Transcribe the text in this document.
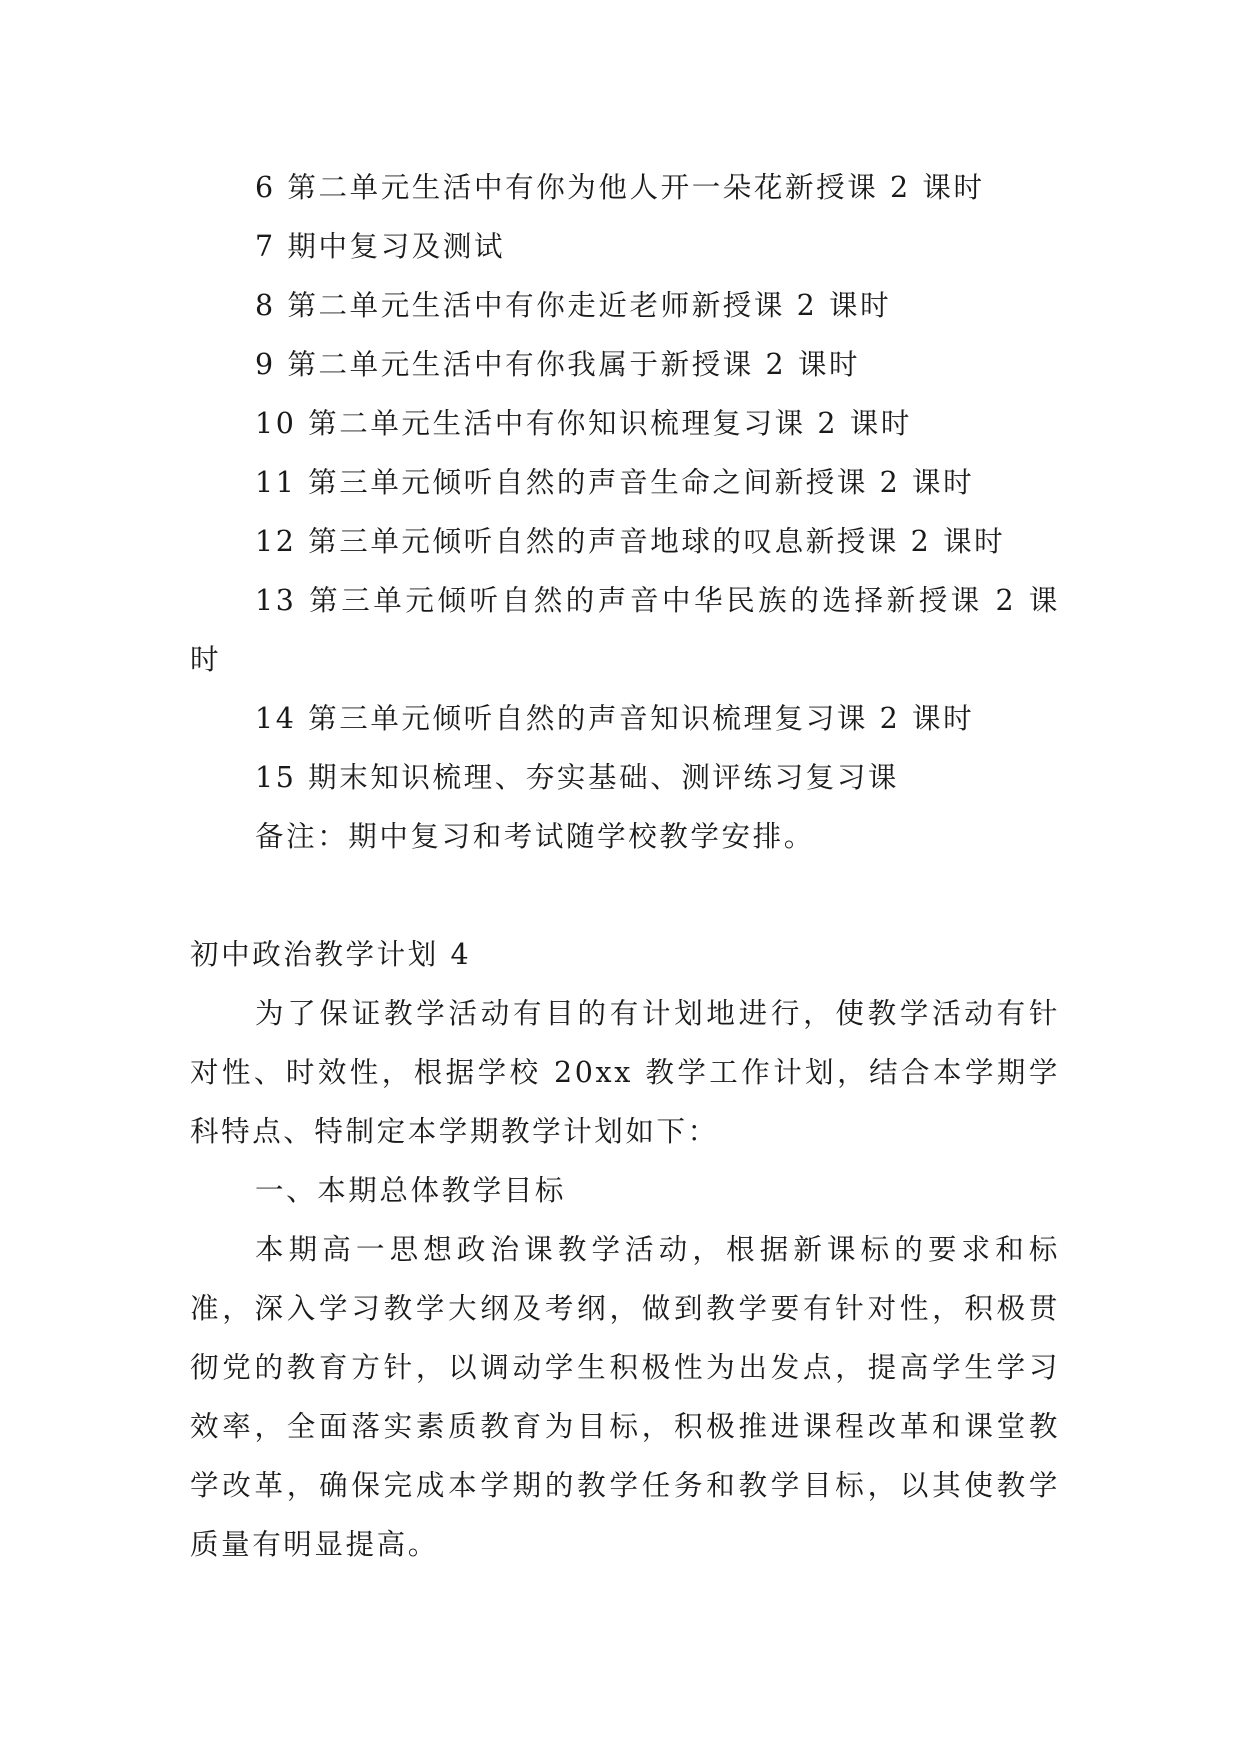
6 第二单元生活中有你为他人开一朵花新授课 2 课时

7 期中复习及测试

8 第二单元生活中有你走近老师新授课 2 课时

9 第二单元生活中有你我属于新授课 2 课时

10 第二单元生活中有你知识梳理复习课 2 课时

11 第三单元倾听自然的声音生命之间新授课 2 课时

12 第三单元倾听自然的声音地球的叹息新授课 2 课时

13 第三单元倾听自然的声音中华民族的选择新授课 2 课时

14 第三单元倾听自然的声音知识梳理复习课 2 课时

15 期末知识梳理、夯实基础、测评练习复习课

备注：期中复习和考试随学校教学安排。

初中政治教学计划 4

为了保证教学活动有目的有计划地进行，使教学活动有针对性、时效性，根据学校 20xx 教学工作计划，结合本学期学科特点、特制定本学期教学计划如下：

一、本期总体教学目标

本期高一思想政治课教学活动，根据新课标的要求和标准，深入学习教学大纲及考纲，做到教学要有针对性，积极贯彻党的教育方针，以调动学生积极性为出发点，提高学生学习效率，全面落实素质教育为目标，积极推进课程改革和课堂教学改革，确保完成本学期的教学任务和教学目标，以其使教学质量有明显提高。
